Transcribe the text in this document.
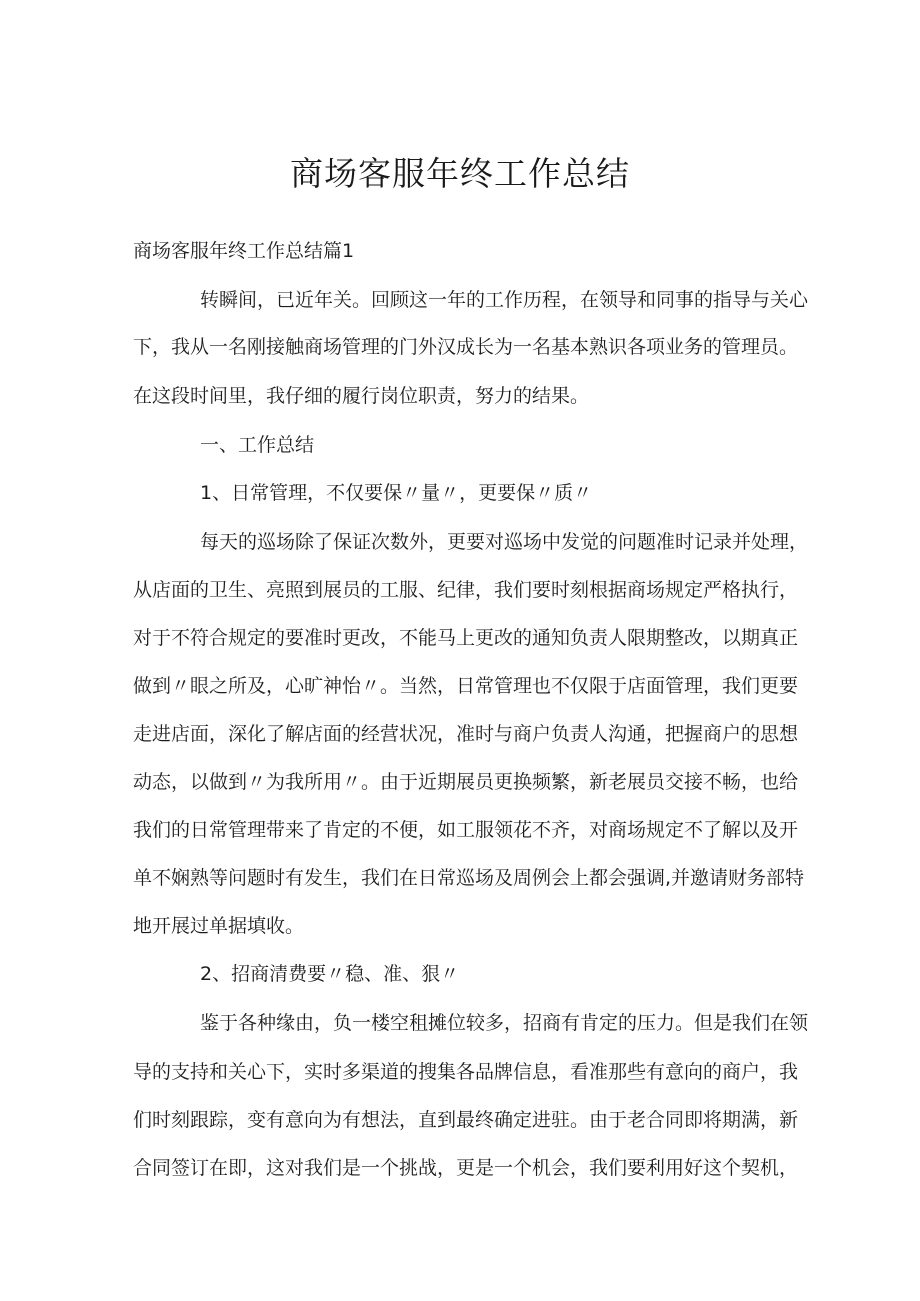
商场客服年终工作总结
商场客服年终工作总结篇1
转瞬间，已近年关。回顾这一年的工作历程，在领导和同事的指导与关心
下，我从一名刚接触商场管理的门外汉成长为一名基本熟识各项业务的管理员。
在这段时间里，我仔细的履行岗位职责，努力的结果。
一、工作总结
1、日常管理，不仅要保〃量〃，更要保〃质〃
每天的巡场除了保证次数外，更要对巡场中发觉的问题准时记录并处理，
从店面的卫生、亮照到展员的工服、纪律，我们要时刻根据商场规定严格执行，
对于不符合规定的要准时更改，不能马上更改的通知负责人限期整改，以期真正
做到〃眼之所及，心旷神怡〃。当然，日常管理也不仅限于店面管理，我们更要
走进店面，深化了解店面的经营状况，准时与商户负责人沟通，把握商户的思想
动态，以做到〃为我所用〃。由于近期展员更换频繁，新老展员交接不畅，也给
我们的日常管理带来了肯定的不便，如工服领花不齐，对商场规定不了解以及开
单不娴熟等问题时有发生，我们在日常巡场及周例会上都会强调,并邀请财务部特
地开展过单据填收。
2、招商清费要〃稳、准、狠〃
鉴于各种缘由，负一楼空租摊位较多，招商有肯定的压力。但是我们在领
导的支持和关心下，实时多渠道的搜集各品牌信息，看准那些有意向的商户，我
们时刻跟踪，变有意向为有想法，直到最终确定进驻。由于老合同即将期满，新
合同签订在即，这对我们是一个挑战，更是一个机会，我们要利用好这个契机，
